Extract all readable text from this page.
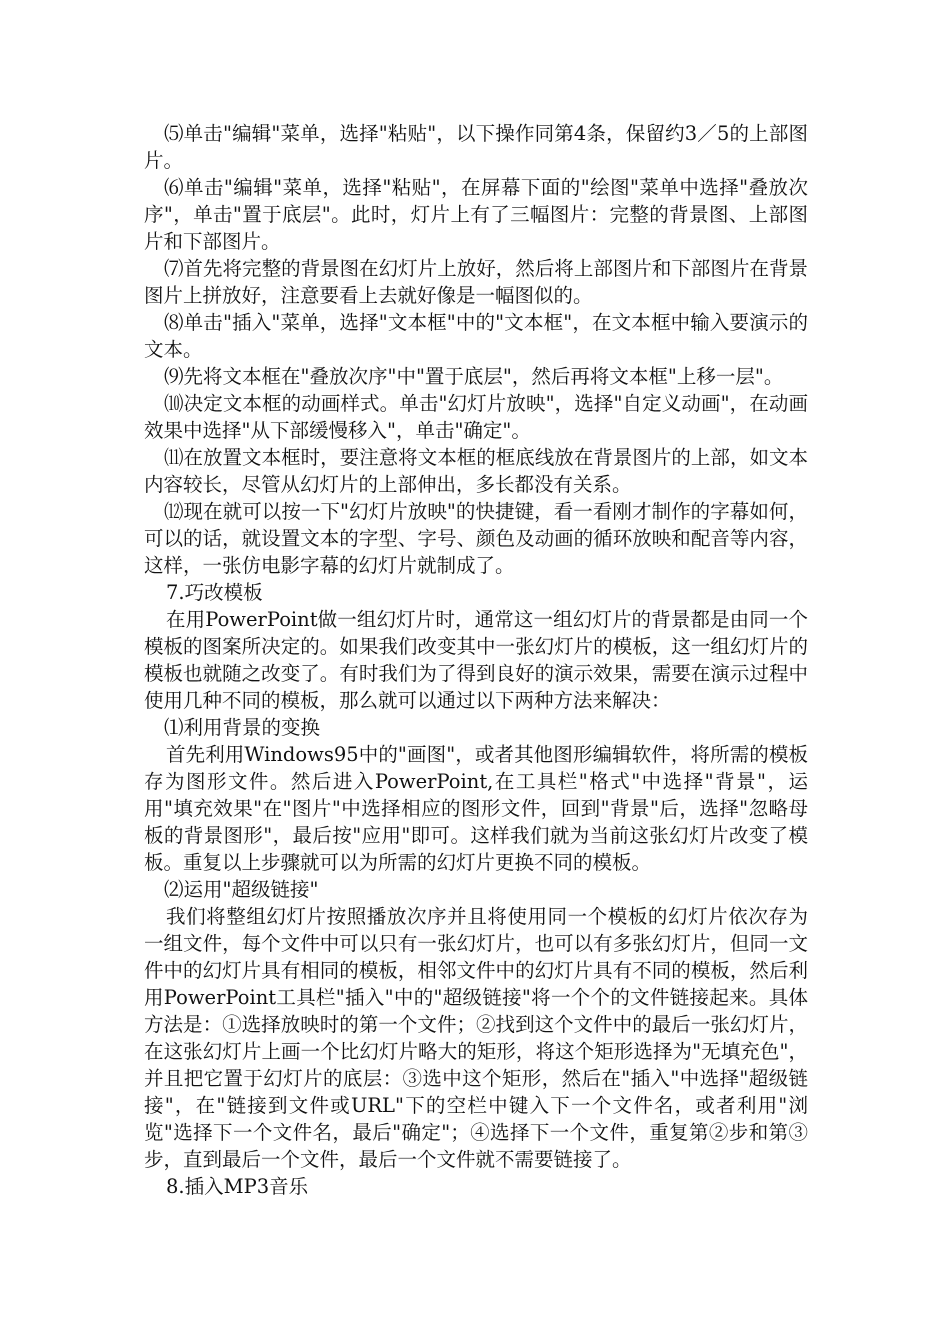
⑸单击"编辑"菜单，选择"粘贴"，以下操作同第4条，保留约3／5的上部图片。

⑹单击"编辑"菜单，选择"粘贴"，在屏幕下面的"绘图"菜单中选择"叠放次序"，单击"置于底层"。此时，灯片上有了三幅图片：完整的背景图、上部图片和下部图片。

⑺首先将完整的背景图在幻灯片上放好，然后将上部图片和下部图片在背景图片上拼放好，注意要看上去就好像是一幅图似的。

⑻单击"插入"菜单，选择"文本框"中的"文本框"，在文本框中输入要演示的文本。

⑼先将文本框在"叠放次序"中"置于底层"，然后再将文本框"上移一层"。

⑽决定文本框的动画样式。单击"幻灯片放映"，选择"自定义动画"，在动画效果中选择"从下部缓慢移入"，单击"确定"。

⑾在放置文本框时，要注意将文本框的框底线放在背景图片的上部，如文本内容较长，尽管从幻灯片的上部伸出，多长都没有关系。

⑿现在就可以按一下"幻灯片放映"的快捷键，看一看刚才制作的字幕如何，可以的话，就设置文本的字型、字号、颜色及动画的循环放映和配音等内容，这样，一张仿电影字幕的幻灯片就制成了。

7.巧改模板

在用PowerPoint做一组幻灯片时，通常这一组幻灯片的背景都是由同一个模板的图案所决定的。如果我们改变其中一张幻灯片的模板，这一组幻灯片的模板也就随之改变了。有时我们为了得到良好的演示效果，需要在演示过程中使用几种不同的模板，那么就可以通过以下两种方法来解决：

⑴利用背景的变换

首先利用Windows95中的"画图"，或者其他图形编辑软件，将所需的模板存为图形文件。然后进入PowerPoint,在工具栏"格式"中选择"背景"，运用"填充效果"在"图片"中选择相应的图形文件，回到"背景"后，选择"忽略母板的背景图形"，最后按"应用"即可。这样我们就为当前这张幻灯片改变了模板。重复以上步骤就可以为所需的幻灯片更换不同的模板。

⑵运用"超级链接"

我们将整组幻灯片按照播放次序并且将使用同一个模板的幻灯片依次存为一组文件，每个文件中可以只有一张幻灯片，也可以有多张幻灯片，但同一文件中的幻灯片具有相同的模板，相邻文件中的幻灯片具有不同的模板，然后利用PowerPoint工具栏"插入"中的"超级链接"将一个个的文件链接起来。具体方法是：①选择放映时的第一个文件；②找到这个文件中的最后一张幻灯片，在这张幻灯片上画一个比幻灯片略大的矩形，将这个矩形选择为"无填充色"，并且把它置于幻灯片的底层：③选中这个矩形，然后在"插入"中选择"超级链接"，在"链接到文件或URL"下的空栏中键入下一个文件名，或者利用"浏览"选择下一个文件名，最后"确定"；④选择下一个文件，重复第②步和第③步，直到最后一个文件，最后一个文件就不需要链接了。

8.插入MP3音乐
